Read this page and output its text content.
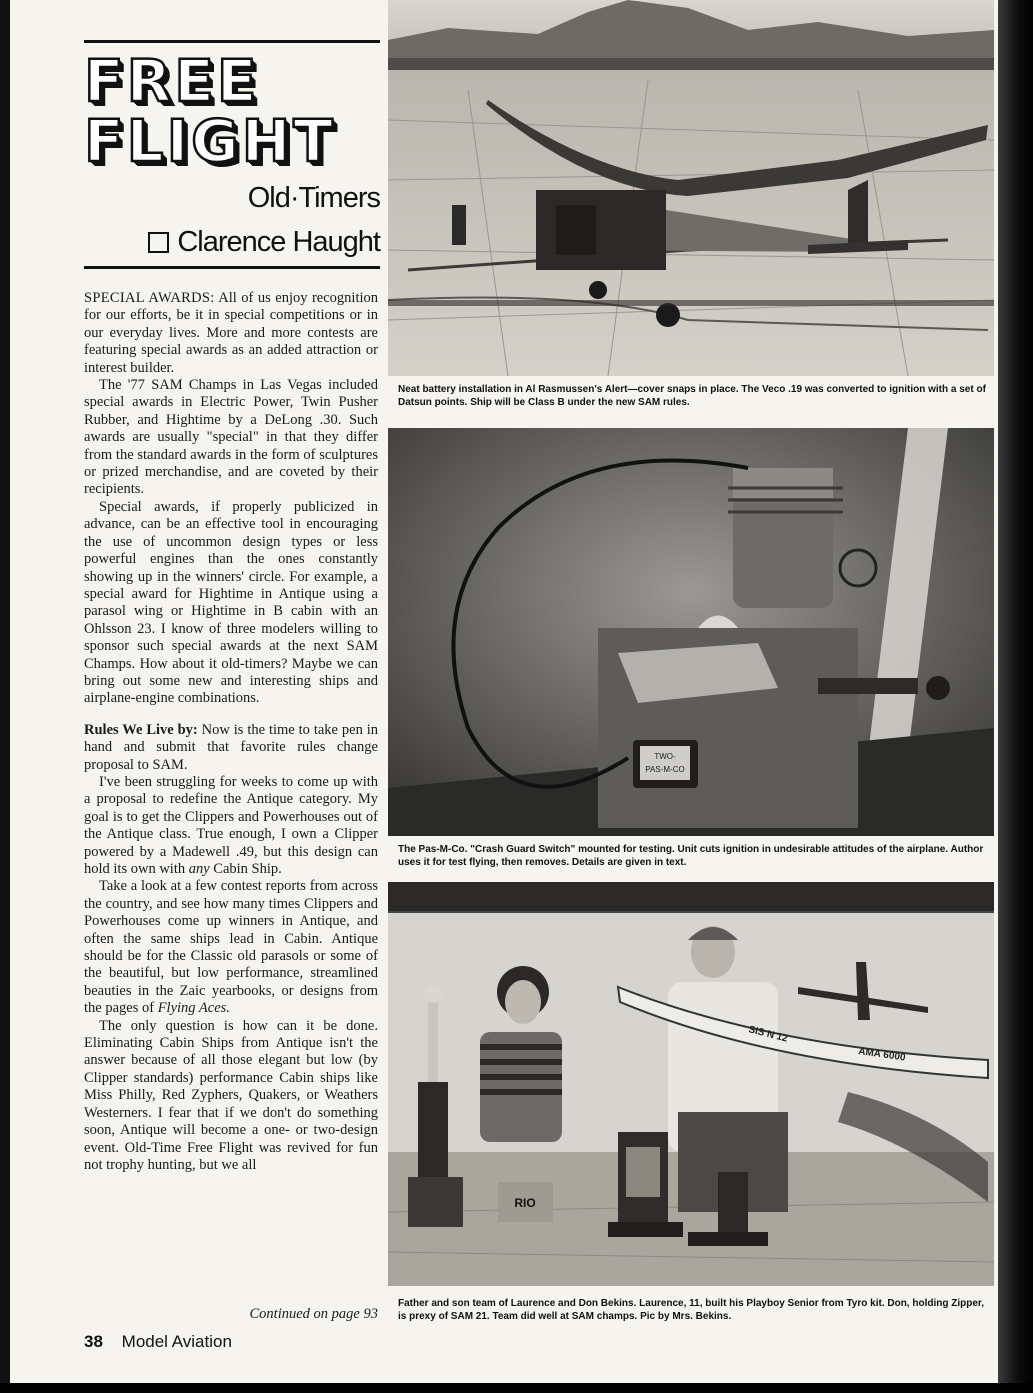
FREE
FLIGHT
Old·Timers
Clarence Haught

SPECIAL AWARDS: All of us enjoy recognition for our efforts, be it in special competitions or in our everyday lives. More and more contests are featuring special awards as an added attraction or interest builder.

The '77 SAM Champs in Las Vegas included special awards in Electric Power, Twin Pusher Rubber, and Hightime by a DeLong .30. Such awards are usually "special" in that they differ from the standard awards in the form of sculptures or prized merchandise, and are coveted by their recipients.

Special awards, if properly publicized in advance, can be an effective tool in encouraging the use of uncommon design types or less powerful engines than the ones constantly showing up in the winners' circle. For example, a special award for Hightime in Antique using a parasol wing or Hightime in B cabin with an Ohlsson 23. I know of three modelers willing to sponsor such special awards at the next SAM Champs. How about it old-timers? Maybe we can bring out some new and interesting ships and airplane-engine combinations.

Rules We Live by: Now is the time to take pen in hand and submit that favorite rules change proposal to SAM.

I've been struggling for weeks to come up with a proposal to redefine the Antique category. My goal is to get the Clippers and Powerhouses out of the Antique class. True enough, I own a Clipper powered by a Madewell .49, but this design can hold its own with any Cabin Ship.

Take a look at a few contest reports from across the country, and see how many times Clippers and Powerhouses come up winners in Antique, and often the same ships lead in Cabin. Antique should be for the Classic old parasols or some of the beautiful, but low performance, streamlined beauties in the Zaic yearbooks, or designs from the pages of Flying Aces.

The only question is how can it be done. Eliminating Cabin Ships from Antique isn't the answer because of all those elegant but low (by Clipper standards) performance Cabin ships like Miss Philly, Red Zyphers, Quakers, or Weathers Westerners. I fear that if we don't do something soon, Antique will become a one- or two-design event. Old-Time Free Flight was revived for fun not trophy hunting, but we all

Continued on page 93
38 Model Aviation
Neat battery installation in Al Rasmussen's Alert—cover snaps in place. The Veco .19 was converted to ignition with a set of Datsun points. Ship will be Class B under the new SAM rules.
TWO-
PAS-M-CO
The Pas-M-Co. "Crash Guard Switch" mounted for testing. Unit cuts ignition in undesirable attitudes of the airplane. Author uses it for test flying, then removes. Details are given in text.
SIS N 12
AMA 6000
RIO
Father and son team of Laurence and Don Bekins. Laurence, 11, built his Playboy Senior from Tyro kit. Don, holding Zipper, is prexy of SAM 21. Team did well at SAM champs. Pic by Mrs. Bekins.
